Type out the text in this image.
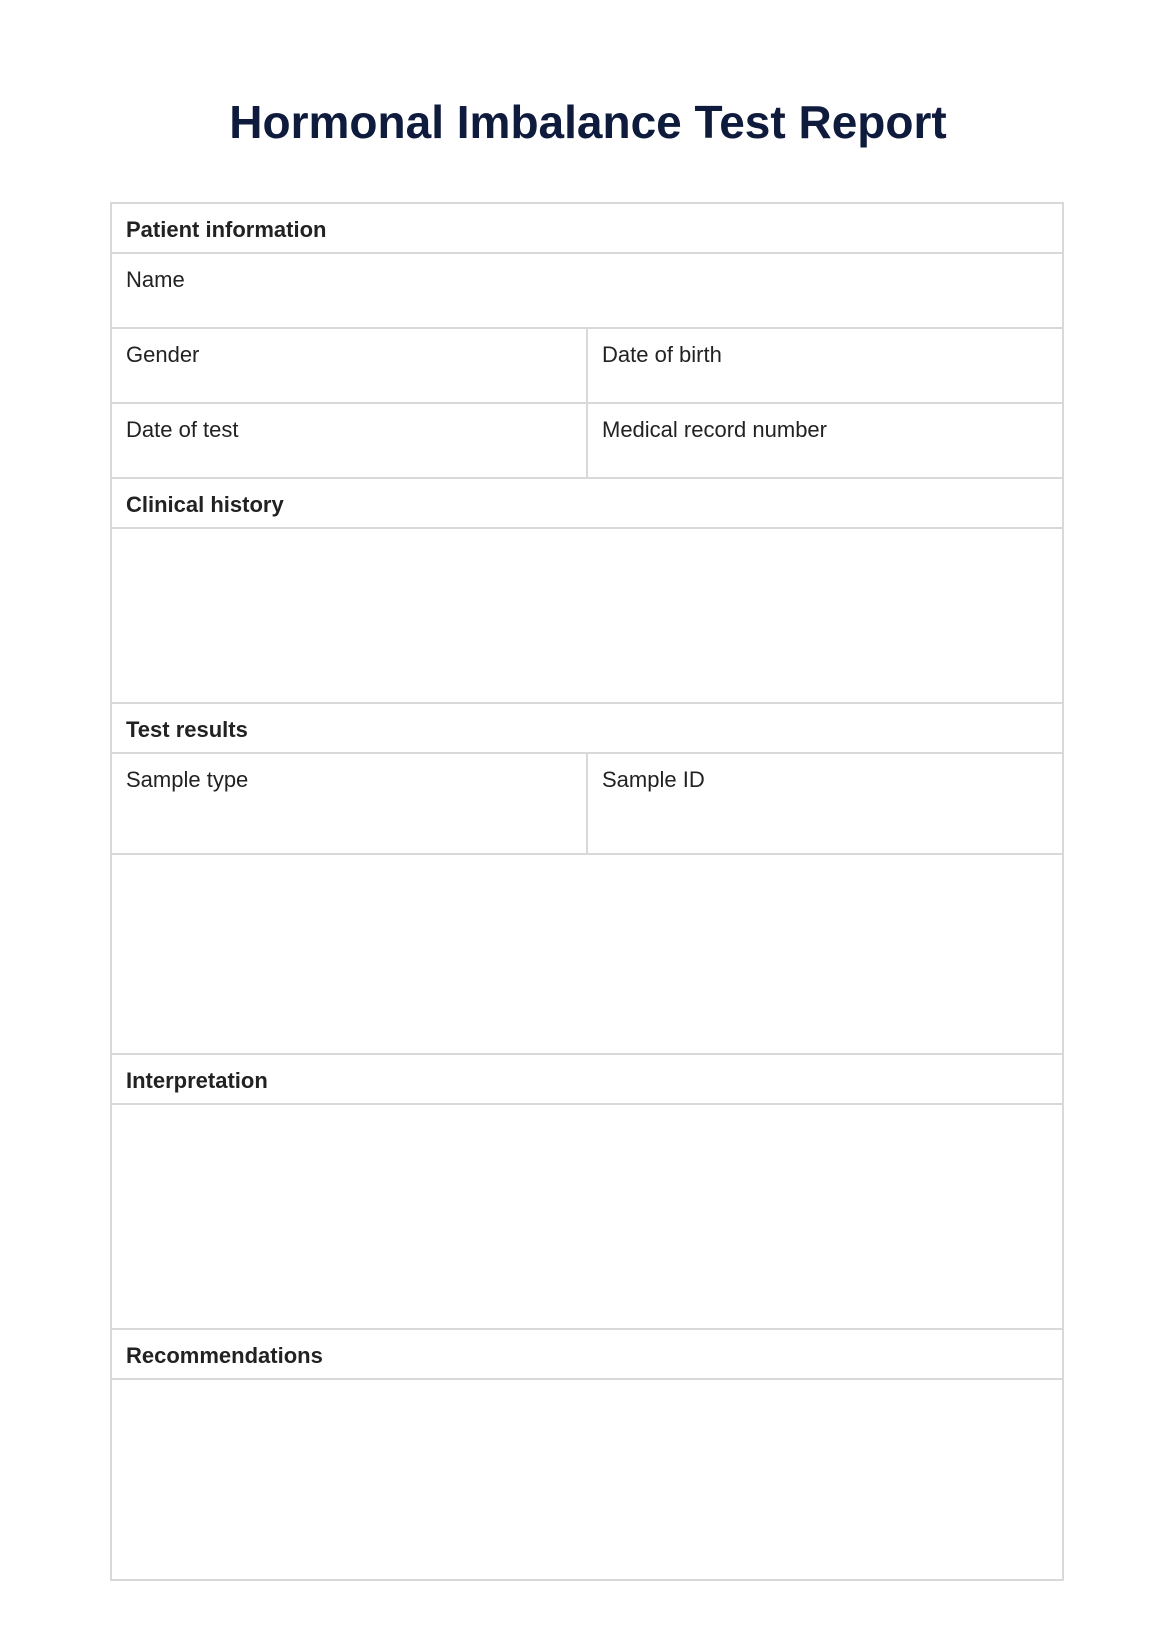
Hormonal Imbalance Test Report
Patient information
Name
Gender	Date of birth
Date of test	Medical record number
Clinical history
Test results
Sample type	Sample ID
Interpretation
Recommendations
